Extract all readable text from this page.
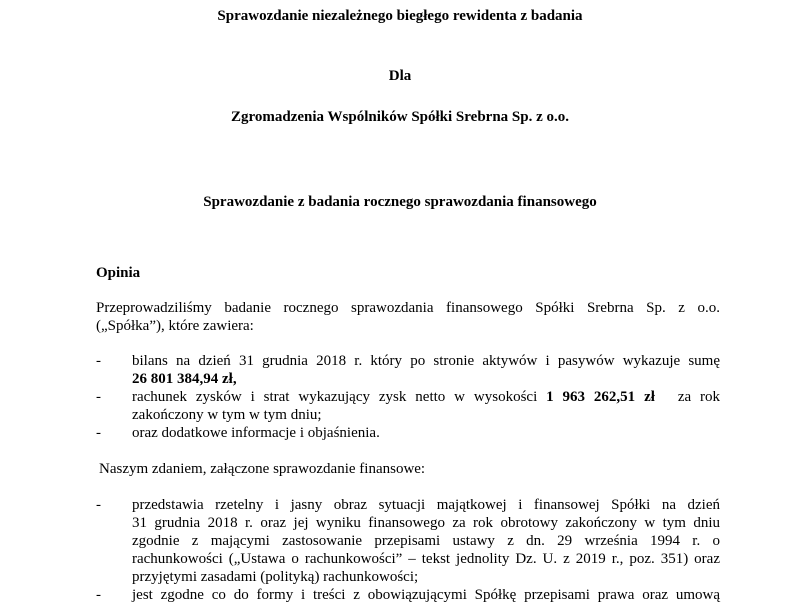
Sprawozdanie niezależnego biegłego rewidenta z badania
Dla
Zgromadzenia Wspólników Spółki Srebrna Sp. z o.o.
Sprawozdanie z badania rocznego sprawozdania finansowego
Opinia
Przeprowadziliśmy badanie rocznego sprawozdania finansowego Spółki Srebrna Sp. z o.o.
(„Spółka”), które zawiera:
- bilans na dzień 31 grudnia 2018 r. który po stronie aktywów i pasywów wykazuje sumę
26 801 384,94 zł,
- rachunek zysków i strat wykazujący zysk netto w wysokości 1 963 262,51 zł za rok
zakończony w tym w tym dniu;
- oraz dodatkowe informacje i objaśnienia.
Naszym zdaniem, załączone sprawozdanie finansowe:
- przedstawia rzetelny i jasny obraz sytuacji majątkowej i finansowej Spółki na dzień
31 grudnia 2018 r. oraz jej wyniku finansowego za rok obrotowy zakończony w tym dniu
zgodnie z mającymi zastosowanie przepisami ustawy z dn. 29 września 1994 r. o
rachunkowości („Ustawa o rachunkowości” – tekst jednolity Dz. U. z 2019 r., poz. 351) oraz
przyjętymi zasadami (polityką) rachunkowości;
- jest zgodne co do formy i treści z obowiązującymi Spółkę przepisami prawa oraz umową
